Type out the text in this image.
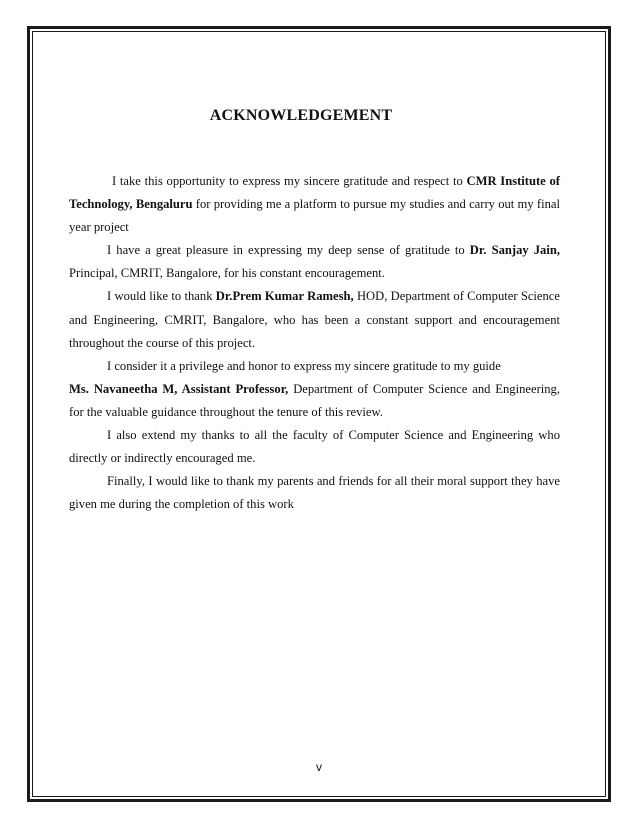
ACKNOWLEDGEMENT

I take this opportunity to express my sincere gratitude and respect to CMR Institute of Technology, Bengaluru for providing me a platform to pursue my studies and carry out my final year project

I have a great pleasure in expressing my deep sense of gratitude to Dr. Sanjay Jain, Principal, CMRIT, Bangalore, for his constant encouragement.

I would like to thank Dr.Prem Kumar Ramesh, HOD, Department of Computer Science and Engineering, CMRIT, Bangalore, who has been a constant support and encouragement throughout the course of this project.

I consider it a privilege and honor to express my sincere gratitude to my guide

Ms. Navaneetha M, Assistant Professor, Department of Computer Science and Engineering, for the valuable guidance throughout the tenure of this review.

I also extend my thanks to all the faculty of Computer Science and Engineering who directly or indirectly encouraged me.

Finally, I would like to thank my parents and friends for all their moral support they have given me during the completion of this work

v
